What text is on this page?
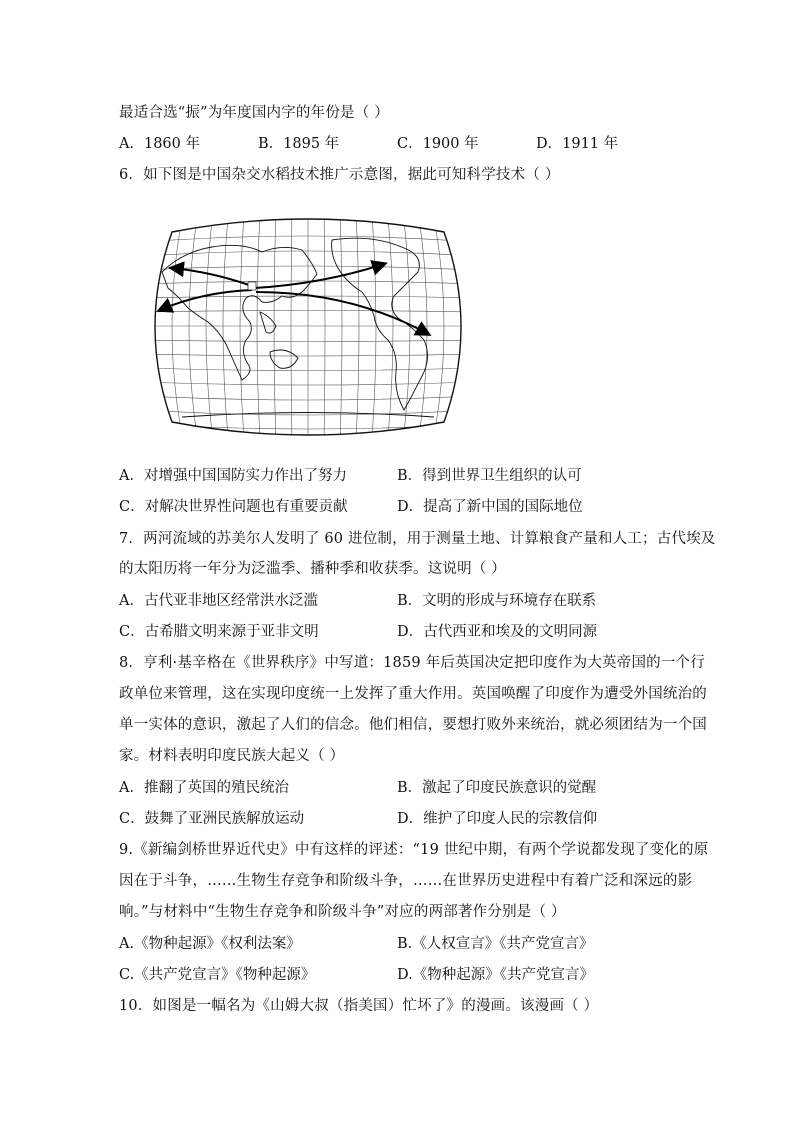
最适合选“振”为年度国内字的年份是（ ）
A．1860 年	B．1895 年	C．1900 年	D．1911 年
6．如下图是中国杂交水稻技术推广示意图，据此可知科学技术（ ）
A．对增强中国国防实力作出了努力	B．得到世界卫生组织的认可
C．对解决世界性问题也有重要贡献	D．提高了新中国的国际地位
7．两河流域的苏美尔人发明了 60 进位制，用于测量土地、计算粮食产量和人工；古代埃及
的太阳历将一年分为泛滥季、播种季和收获季。这说明（ ）
A．古代亚非地区经常洪水泛滥	B．文明的形成与环境存在联系
C．古希腊文明来源于亚非文明	D．古代西亚和埃及的文明同源
8．亨利·基辛格在《世界秩序》中写道：1859 年后英国决定把印度作为大英帝国的一个行
政单位来管理，这在实现印度统一上发挥了重大作用。英国唤醒了印度作为遭受外国统治的
单一实体的意识，激起了人们的信念。他们相信，要想打败外来统治，就必须团结为一个国
家。材料表明印度民族大起义（ ）
A．推翻了英国的殖民统治	B．激起了印度民族意识的觉醒
C．鼓舞了亚洲民族解放运动	D．维护了印度人民的宗教信仰
9.《新编剑桥世界近代史》中有这样的评述：“19 世纪中期，有两个学说都发现了变化的原
因在于斗争，……生物生存竞争和阶级斗争，……在世界历史进程中有着广泛和深远的影
响。”与材料中“生物生存竞争和阶级斗争”对应的两部著作分别是（ ）
A.《物种起源》《权利法案》	B.《人权宣言》《共产党宣言》
C.《共产党宣言》《物种起源》	D.《物种起源》《共产党宣言》
10．如图是一幅名为《山姆大叔（指美国）忙坏了》的漫画。该漫画（ ）
